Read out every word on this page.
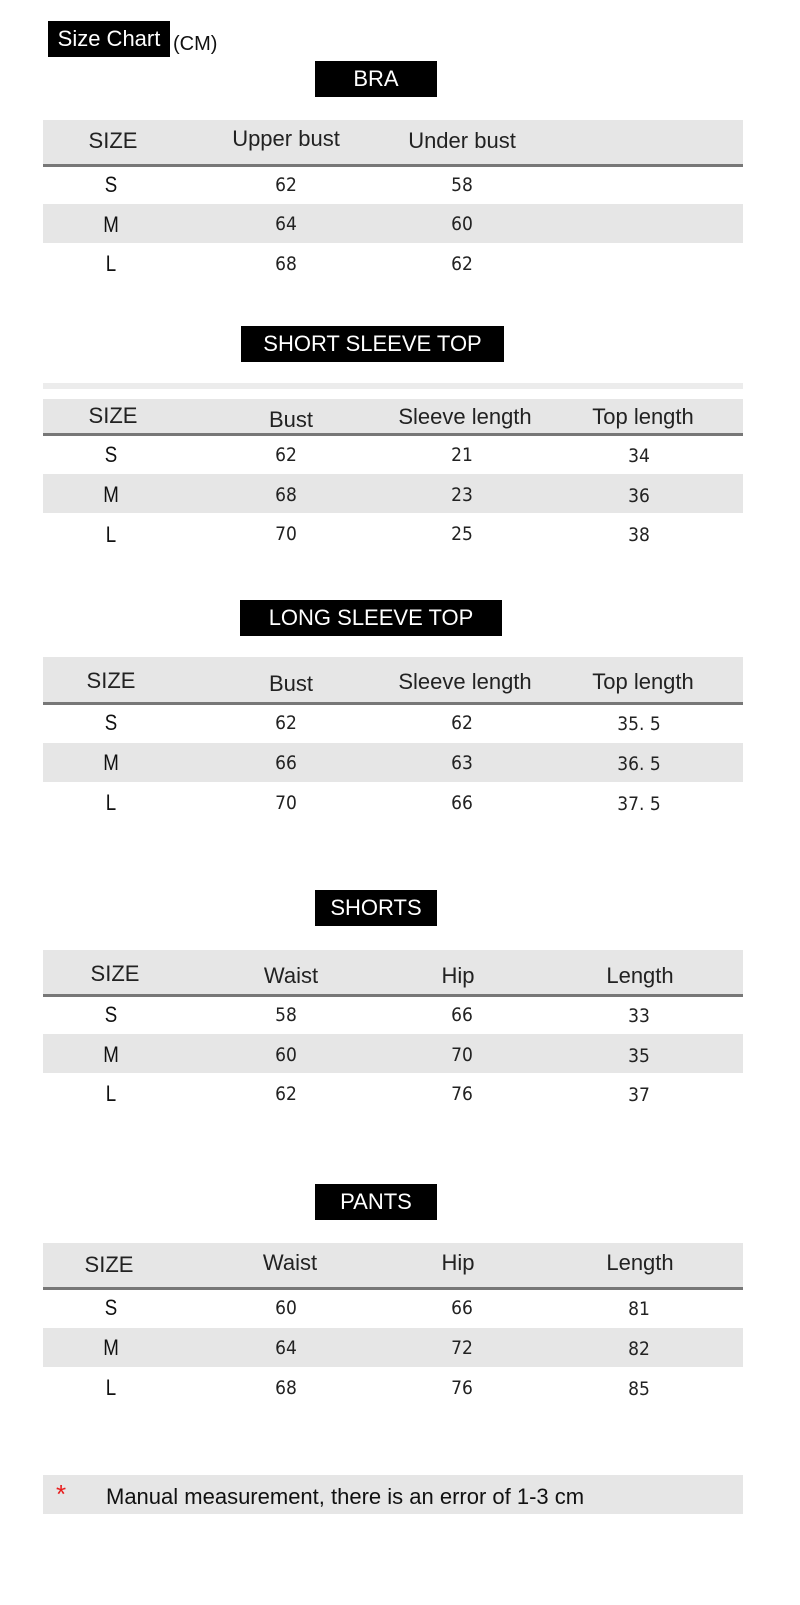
Size Chart (CM)
BRA
SIZE	Upper bust	Under bust
S	62	58
M	64	60
L	68	62
SHORT SLEEVE TOP
SIZE	Bust	Sleeve length	Top length
S	62	21	34
M	68	23	36
L	70	25	38
LONG SLEEVE TOP
SIZE	Bust	Sleeve length	Top length
S	62	62	35. 5
M	66	63	36. 5
L	70	66	37. 5
SHORTS
SIZE	Waist	Hip	Length
S	58	66	33
M	60	70	35
L	62	76	37
PANTS
SIZE	Waist	Hip	Length
S	60	66	81
M	64	72	82
L	68	76	85
* Manual measurement, there is an error of 1-3 cm
